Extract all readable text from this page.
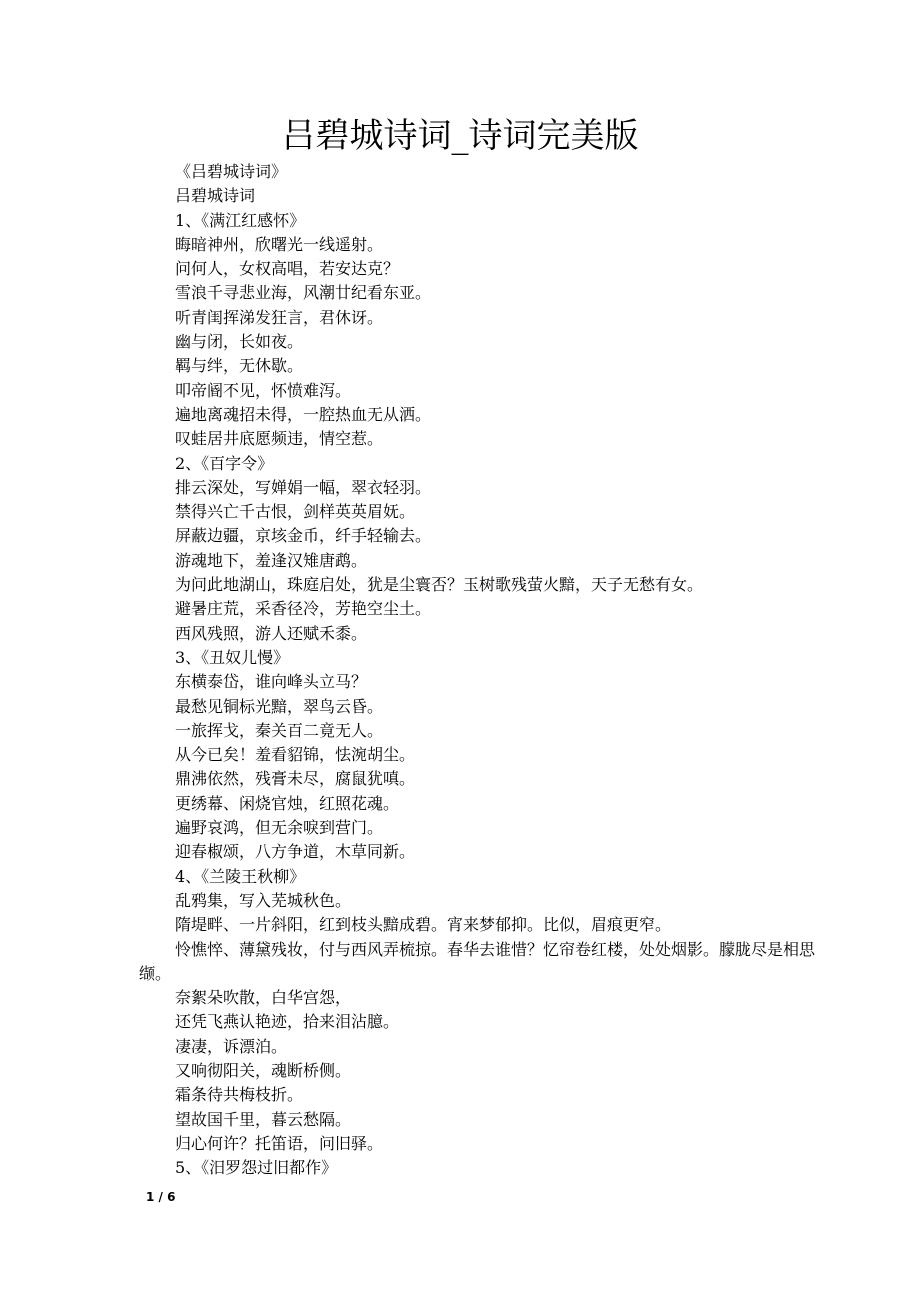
吕碧城诗词_诗词完美版
《吕碧城诗词》
吕碧城诗词
1、《满江红感怀》
晦暗神州，欣曙光一线遥射。
问何人，女权高唱，若安达克？
雪浪千寻悲业海，风潮廿纪看东亚。
听青闺挥涕发狂言，君休讶。
幽与闭，长如夜。
羁与绊，无休歇。
叩帝阍不见，怀愤难泻。
遍地离魂招未得，一腔热血无从洒。
叹蛙居井底愿频违，情空惹。
2、《百字令》
排云深处，写婵娟一幅，翠衣轻羽。
禁得兴亡千古恨，剑样英英眉妩。
屏蔽边疆，京垓金币，纤手轻输去。
游魂地下，羞逢汉雉唐鹉。
为问此地湖山，珠庭启处，犹是尘寰否？玉树歌残萤火黯，天子无愁有女。
避暑庄荒，采香径冷，芳艳空尘土。
西风残照，游人还赋禾黍。
3、《丑奴儿慢》
东横泰岱，谁向峰头立马？
最愁见铜标光黯，翠鸟云昏。
一旅挥戈，秦关百二竟无人。
从今已矣！羞看貂锦，怯涴胡尘。
鼎沸依然，残膏未尽，腐鼠犹嗔。
更绣幕、闲烧官烛，红照花魂。
遍野哀鸿，但无余唳到营门。
迎春椒颂，八方争道，木草同新。
4、《兰陵王秋柳》
乱鸦集，写入芜城秋色。
隋堤畔、一片斜阳，红到枝头黯成碧。宵来梦郁抑。比似，眉痕更窄。
怜憔悴、薄黛残妆，付与西风弄梳掠。春华去谁惜？忆帘卷红楼，处处烟影。朦胧尽是相思缬。
奈絮朵吹散，白华宫怨，
还凭飞燕认艳迹，拾来泪沾臆。
凄凄，诉漂泊。
又响彻阳关，魂断桥侧。
霜条待共梅枝折。
望故国千里，暮云愁隔。
归心何许？托笛语，问旧驿。
5、《汨罗怨过旧都作》
1 / 6
